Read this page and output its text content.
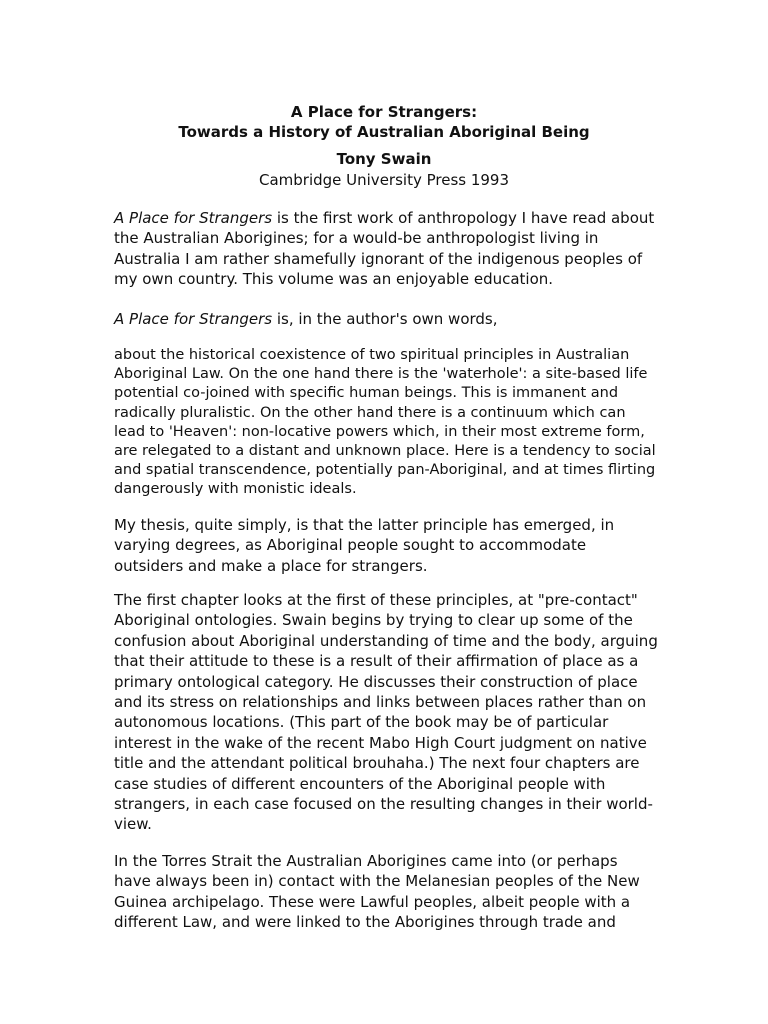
A Place for Strangers:
Towards a History of Australian Aboriginal Being
Tony Swain
Cambridge University Press 1993

A Place for Strangers is the first work of anthropology I have read about the Australian Aborigines; for a would-be anthropologist living in Australia I am rather shamefully ignorant of the indigenous peoples of my own country. This volume was an enjoyable education.

A Place for Strangers is, in the author's own words,

about the historical coexistence of two spiritual principles in Australian Aboriginal Law. On the one hand there is the 'waterhole': a site-based life potential co-joined with specific human beings. This is immanent and radically pluralistic. On the other hand there is a continuum which can lead to 'Heaven': non-locative powers which, in their most extreme form, are relegated to a distant and unknown place. Here is a tendency to social and spatial transcendence, potentially pan-Aboriginal, and at times flirting dangerously with monistic ideals.

My thesis, quite simply, is that the latter principle has emerged, in varying degrees, as Aboriginal people sought to accommodate outsiders and make a place for strangers.

The first chapter looks at the first of these principles, at "pre-contact" Aboriginal ontologies. Swain begins by trying to clear up some of the confusion about Aboriginal understanding of time and the body, arguing that their attitude to these is a result of their affirmation of place as a primary ontological category. He discusses their construction of place and its stress on relationships and links between places rather than on autonomous locations. (This part of the book may be of particular interest in the wake of the recent Mabo High Court judgment on native title and the attendant political brouhaha.) The next four chapters are case studies of different encounters of the Aboriginal people with strangers, in each case focused on the resulting changes in their world-view.

In the Torres Strait the Australian Aborigines came into (or perhaps have always been in) contact with the Melanesian peoples of the New Guinea archipelago. These were Lawful peoples, albeit people with a different Law, and were linked to the Aborigines through trade and
